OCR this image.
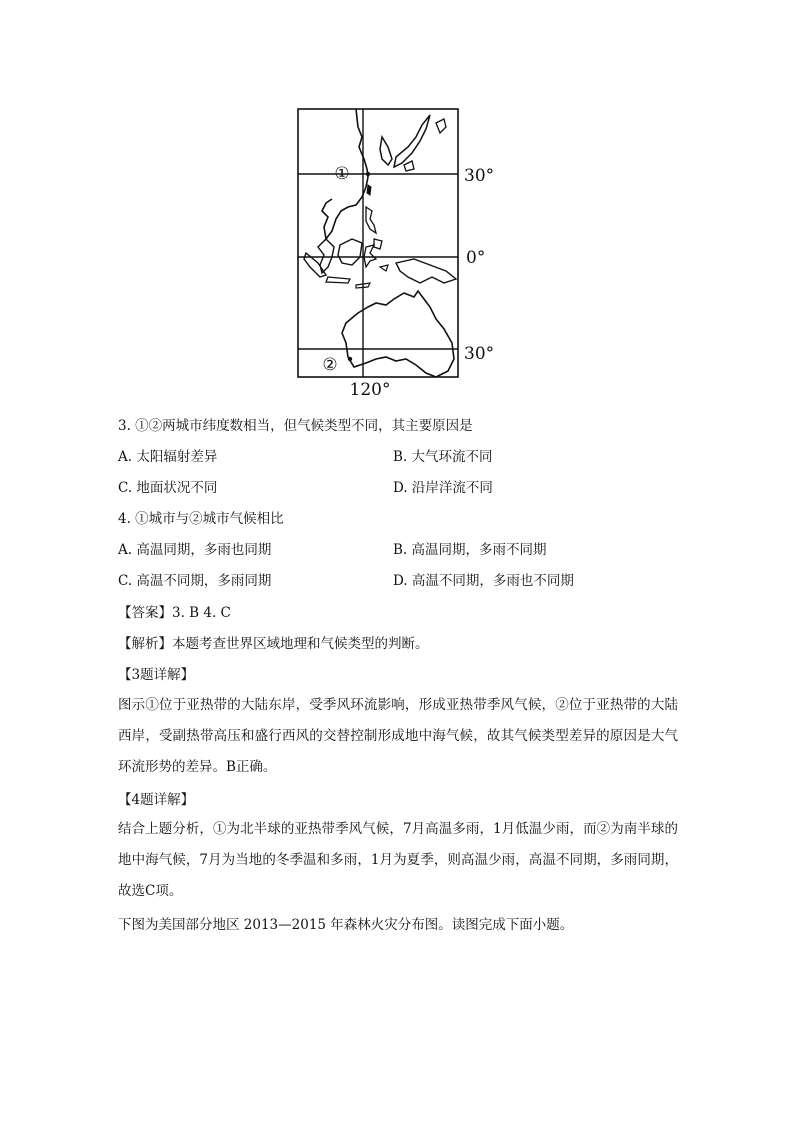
①
②
30°
0°
30°
120°
3. ①②两城市纬度数相当，但气候类型不同，其主要原因是
A. 太阳辐射差异	B. 大气环流不同
C. 地面状况不同	D. 沿岸洋流不同
4. ①城市与②城市气候相比
A. 高温同期，多雨也同期	B. 高温同期，多雨不同期
C. 高温不同期，多雨同期	D. 高温不同期，多雨也不同期
【答案】3. B 4. C
【解析】本题考查世界区域地理和气候类型的判断。
【3题详解】
图示①位于亚热带的大陆东岸，受季风环流影响，形成亚热带季风气候，②位于亚热带的大陆西岸，受副热带高压和盛行西风的交替控制形成地中海气候，故其气候类型差异的原因是大气环流形势的差异。B正确。
【4题详解】
结合上题分析，①为北半球的亚热带季风气候，7月高温多雨，1月低温少雨，而②为南半球的地中海气候，7月为当地的冬季温和多雨，1月为夏季，则高温少雨，高温不同期，多雨同期，故选C项。
下图为美国部分地区 2013—2015 年森林火灾分布图。读图完成下面小题。
